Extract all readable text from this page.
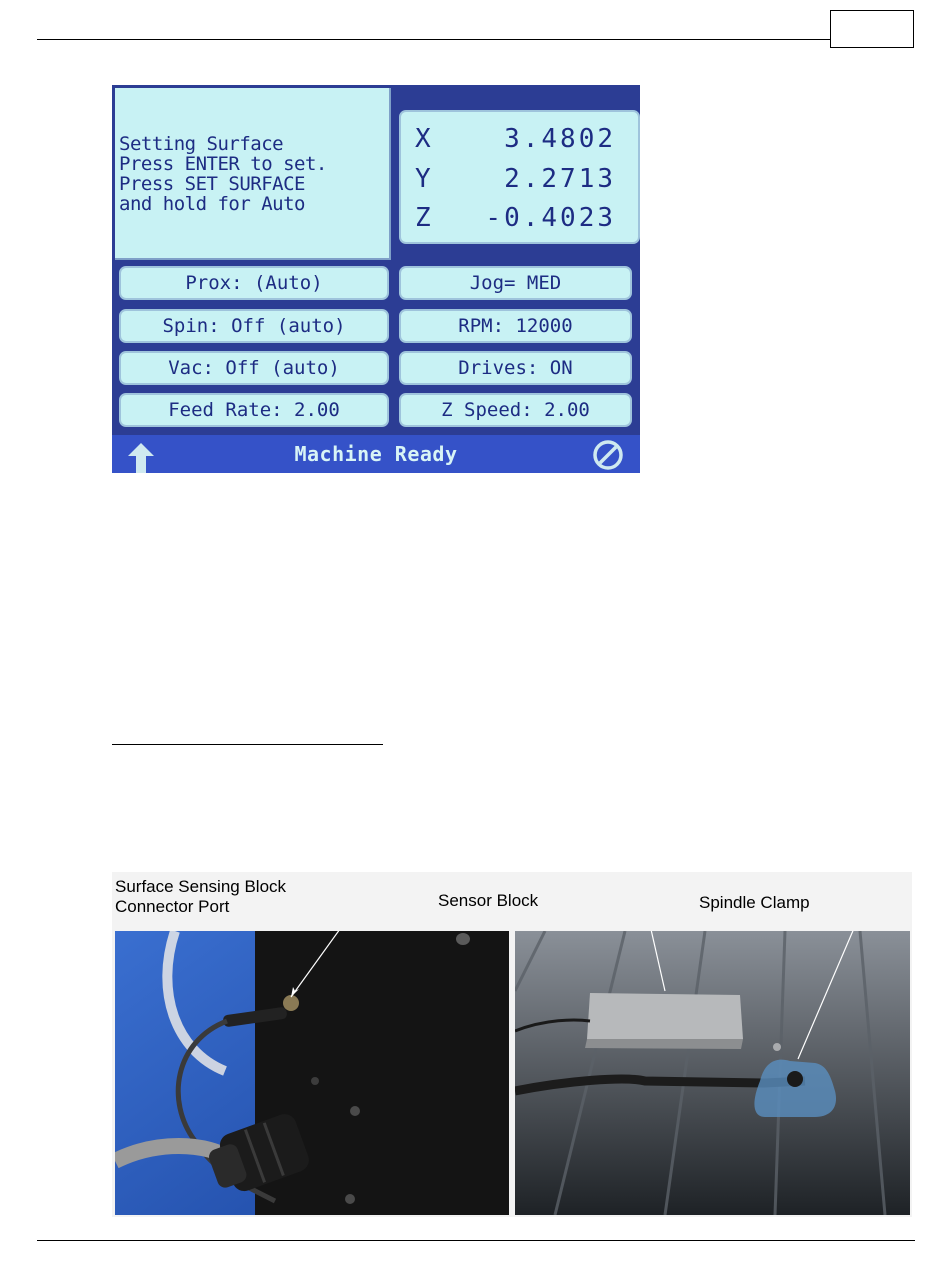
Setting Surface
Press ENTER to set.
Press SET SURFACE
and hold for Auto
X	3.4802
Y	2.2713
Z -0.4023
Prox: (Auto)	Jog= MED
Spin: Off (auto)	RPM: 12000
Vac: Off (auto)	Drives: ON
Feed Rate: 2.00	Z Speed: 2.00
Machine Ready
Surface Sensing Block
Connector Port	Sensor Block	Spindle Clamp
